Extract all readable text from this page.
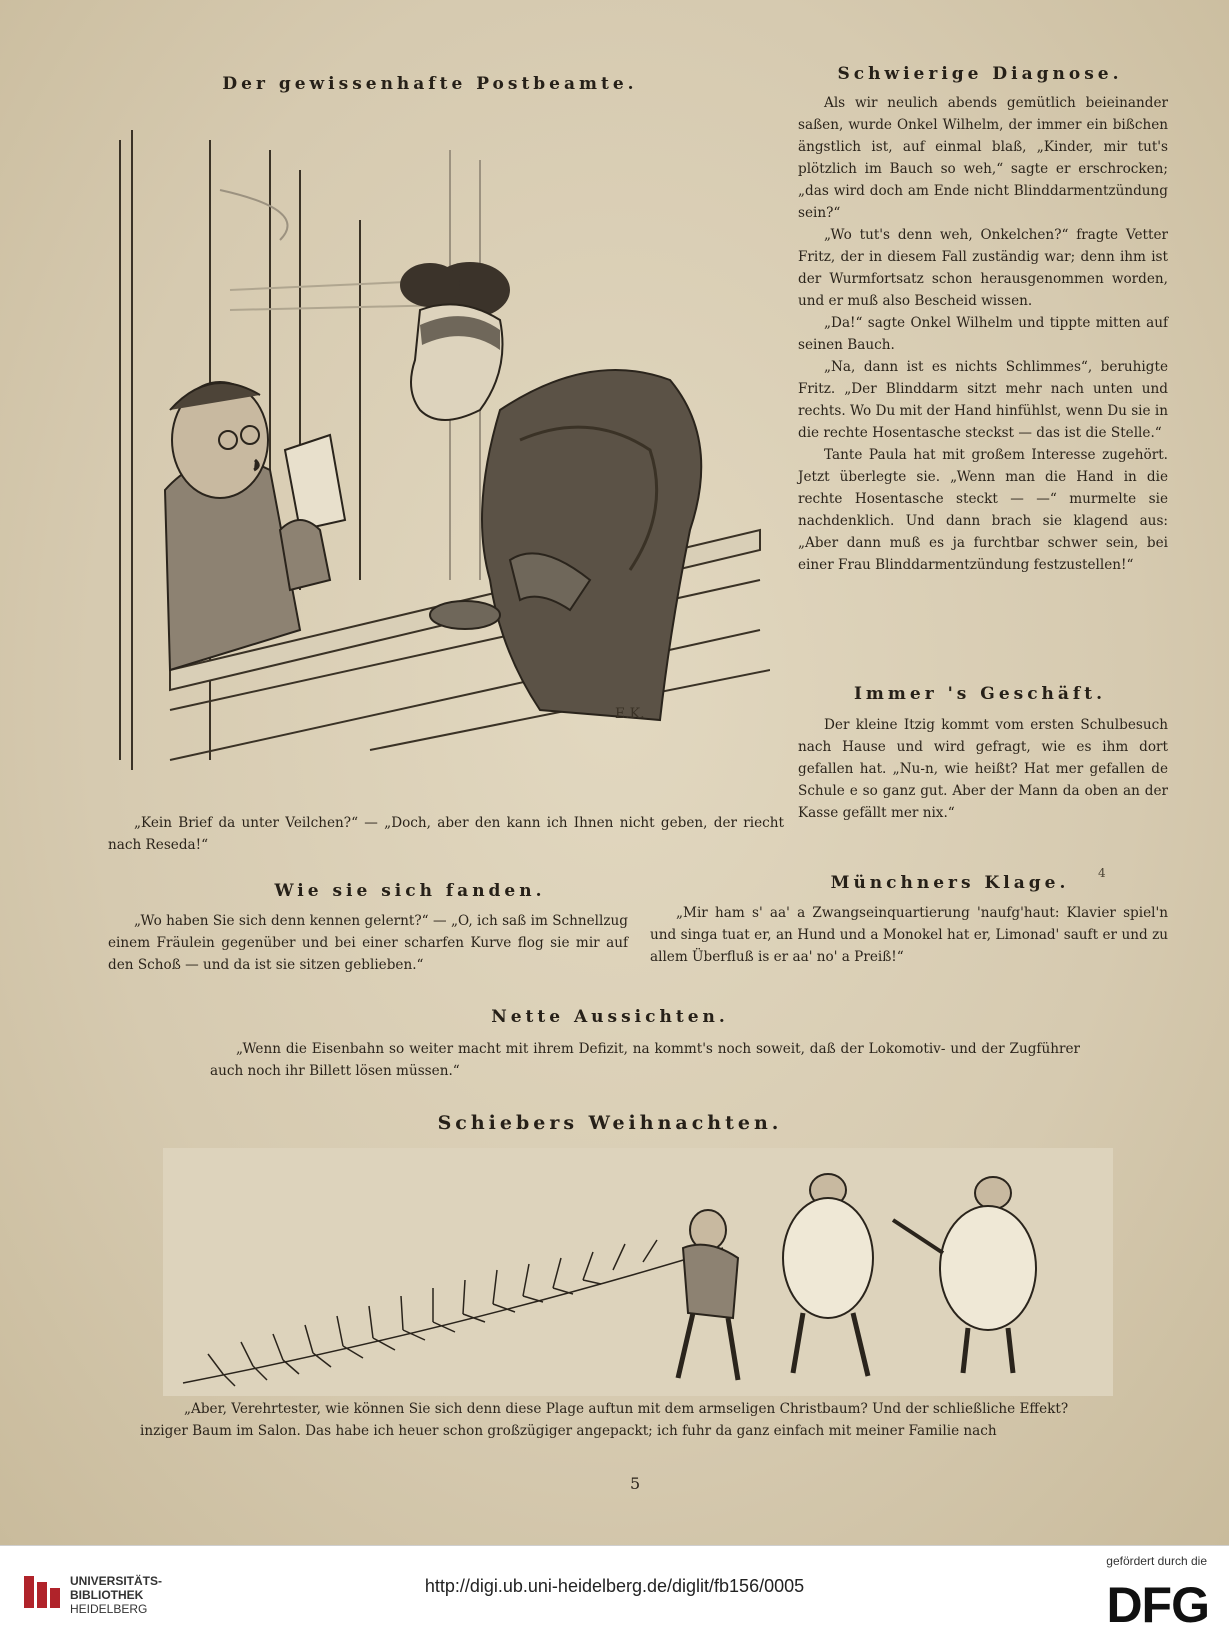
Der gewissenhafte Postbeamte.	Schwierige Diagnose.
E.K.

Als wir neulich abends gemütlich beieinander saßen, wurde Onkel Wilhelm, der immer ein bißchen ängstlich ist, auf einmal blaß, „Kinder, mir tut's plötzlich im Bauch so weh,“ sagte er erschrocken; „das wird doch am Ende nicht Blinddarmentzündung sein?“

„Wo tut's denn weh, Onkelchen?“ fragte Vetter Fritz, der in diesem Fall zuständig war; denn ihm ist der Wurmfortsatz schon herausgenommen worden, und er muß also Bescheid wissen.

„Da!“ sagte Onkel Wilhelm und tippte mitten auf seinen Bauch.

„Na, dann ist es nichts Schlimmes“, beruhigte Fritz. „Der Blinddarm sitzt mehr nach unten und rechts. Wo Du mit der Hand hinfühlst, wenn Du sie in die rechte Hosentasche steckst — das ist die Stelle.“

Tante Paula hat mit großem Interesse zugehört. Jetzt überlegte sie. „Wenn man die Hand in die rechte Hosentasche steckt — —“ murmelte sie nachdenklich. Und dann brach sie klagend aus: „Aber dann muß es ja furchtbar schwer sein, bei einer Frau Blinddarmentzündung festzustellen!“

Immer 's Geschäft.

Der kleine Itzig kommt vom ersten Schulbesuch nach Hause und wird gefragt, wie es ihm dort gefallen hat. „Nu-n, wie heißt? Hat mer gefallen de Schule e so ganz gut. Aber der Mann da oben an der Kasse gefällt mer nix.“

„Kein Brief da unter Veilchen?“ — „Doch, aber den kann ich Ihnen nicht geben, der riecht nach Reseda!“

Wie sie sich fanden.	Münchners Klage.	4

„Wo haben Sie sich denn kennen gelernt?“ — „O, ich saß im Schnellzug einem Fräulein gegenüber und bei einer scharfen Kurve flog sie mir auf den Schoß — und da ist sie sitzen geblieben.“

„Mir ham s' aa' a Zwangseinquartierung 'naufg'haut: Klavier spiel'n und singa tuat er, an Hund und a Monokel hat er, Limonad' sauft er und zu allem Überfluß is er aa' no' a Preiß!“

Nette Aussichten.

„Wenn die Eisenbahn so weiter macht mit ihrem Defizit, na kommt's noch soweit, daß der Lokomotiv- und der Zugführer auch noch ihr Billett lösen müssen.“

Schiebers Weihnachten.
„Aber, Verehrtester, wie können Sie sich denn diese Plage auftun mit dem armseligen Christbaum? Und der schließliche Effekt?
inziger Baum im Salon. Das habe ich heuer schon großzügiger angepackt; ich fuhr da ganz einfach mit meiner Familie nach
5
UNIVERSITÄTS-
BIBLIOTHEK
HEIDELBERG
http://digi.ub.uni-heidelberg.de/diglit/fb156/0005
gefördert durch die
DFG
